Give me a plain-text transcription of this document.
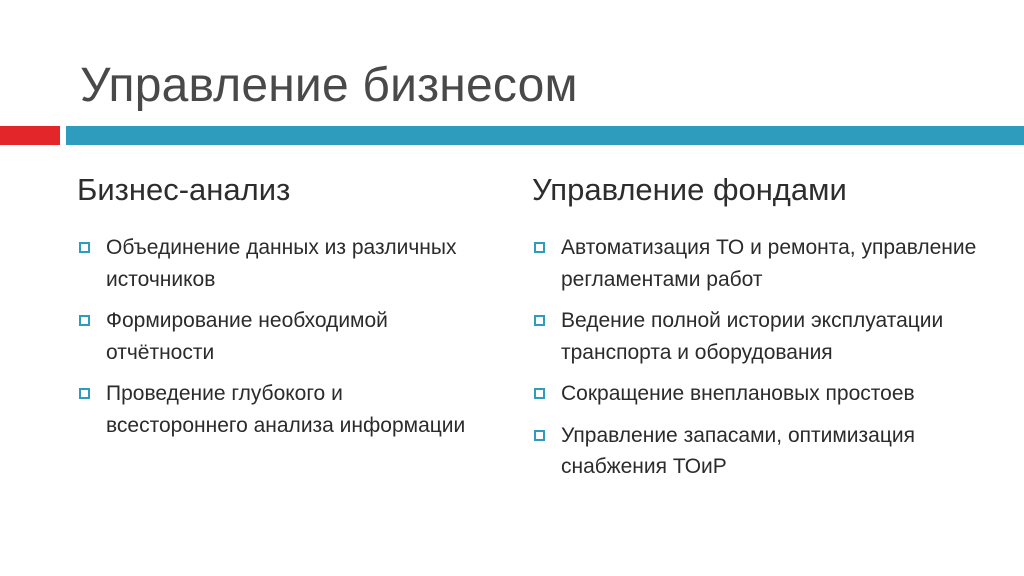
Управление бизнесом
Бизнес-анализ
Объединение данных из различных источников
Формирование необходимой отчётности
Проведение глубокого и всестороннего анализа информации
Управление фондами
Автоматизация ТО и ремонта, управление регламентами работ
Ведение полной истории эксплуатации транспорта и оборудования
Сокращение внеплановых простоев
Управление запасами, оптимизация снабжения ТОиР
